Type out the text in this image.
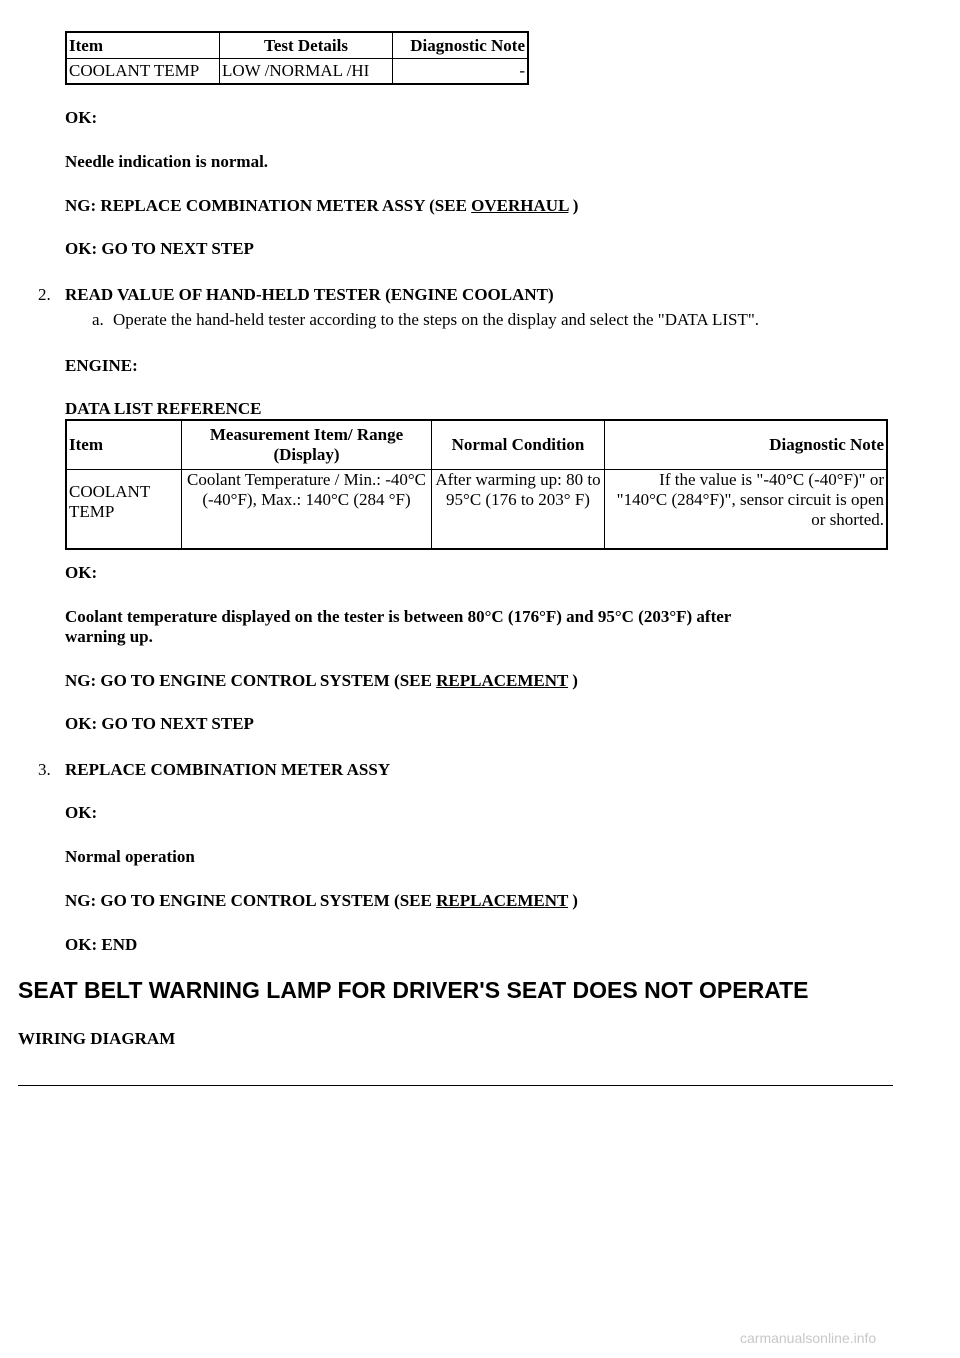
Item	Test Details	Diagnostic Note
COOLANT TEMP	LOW /NORMAL /HI	-
OK:
Needle indication is normal.
NG: REPLACE COMBINATION METER ASSY (SEE OVERHAUL )
OK: GO TO NEXT STEP
2. READ VALUE OF HAND-HELD TESTER (ENGINE COOLANT)
a. Operate the hand-held tester according to the steps on the display and select the "DATA LIST".
ENGINE:
DATA LIST REFERENCE
Item	Measurement Item/ Range (Display)	Normal Condition	Diagnostic Note
COOLANT TEMP	Coolant Temperature / Min.: -40°C (-40°F), Max.: 140°C (284 °F)	After warming up: 80 to 95°C (176 to 203° F)	If the value is "-40°C (-40°F)" or "140°C (284°F)", sensor circuit is open or shorted.
OK:
Coolant temperature displayed on the tester is between 80°C (176°F) and 95°C (203°F) after
warning up.
NG: GO TO ENGINE CONTROL SYSTEM (SEE REPLACEMENT )
OK: GO TO NEXT STEP
3. REPLACE COMBINATION METER ASSY
OK:
Normal operation
NG: GO TO ENGINE CONTROL SYSTEM (SEE REPLACEMENT )
OK: END
SEAT BELT WARNING LAMP FOR DRIVER'S SEAT DOES NOT OPERATE
WIRING DIAGRAM
carmanualsonline.info
